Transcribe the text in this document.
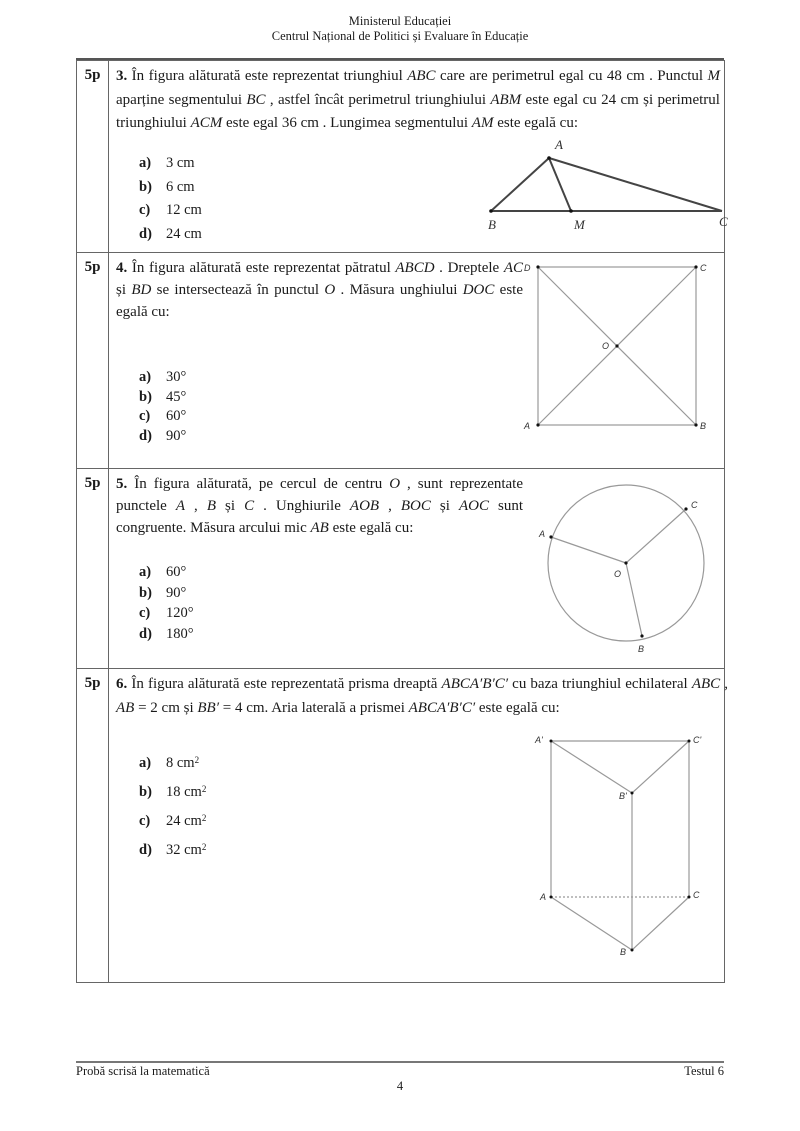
Ministerul Educației
Centrul Național de Politici și Evaluare în Educație
5p	3. În figura alăturată este reprezentat triunghiul ABC care are perimetrul egal cu 48 cm . Punctul M aparține segmentului BC , astfel încât perimetrul triunghiului ABM este egal cu 24 cm și perimetrul triunghiului ACM este egal 36 cm . Lungimea segmentului AM este egală cu:
a)	3 cm
b) 6 cm
c)	12 cm
d) 24 cm
A
B	M	C
5p	4. În figura alăturată este reprezentat pătratul ABCD . Dreptele AC și BD se intersectează în punctul O . Măsura unghiului DOC este egală cu:
a)	30°
b) 45°
c)	60°
d) 90°
D	C
A	B
O
5p	5. În figura alăturată, pe cercul de centru O , sunt reprezentate punctele A , B și C . Unghiurile AOB , BOC și AOC sunt congruente. Măsura arcului mic AB este egală cu:
a)	60°
b) 90°
c)	120°
d) 180°
A
C
O
B
5p	6. În figura alăturată este reprezentată prisma dreaptă ABCA′B′C′ cu baza triunghiul echilateral ABC , AB = 2 cm și BB′ = 4 cm. Aria laterală a prismei ABCA′B′C′ este egală cu:
a)	8 cm 2
b) 18 cm 2
c)	24 cm 2
d) 32 cm 2
A'	C'
B'
A	C
B
Probă scrisă la matematică	Testul 6
4
